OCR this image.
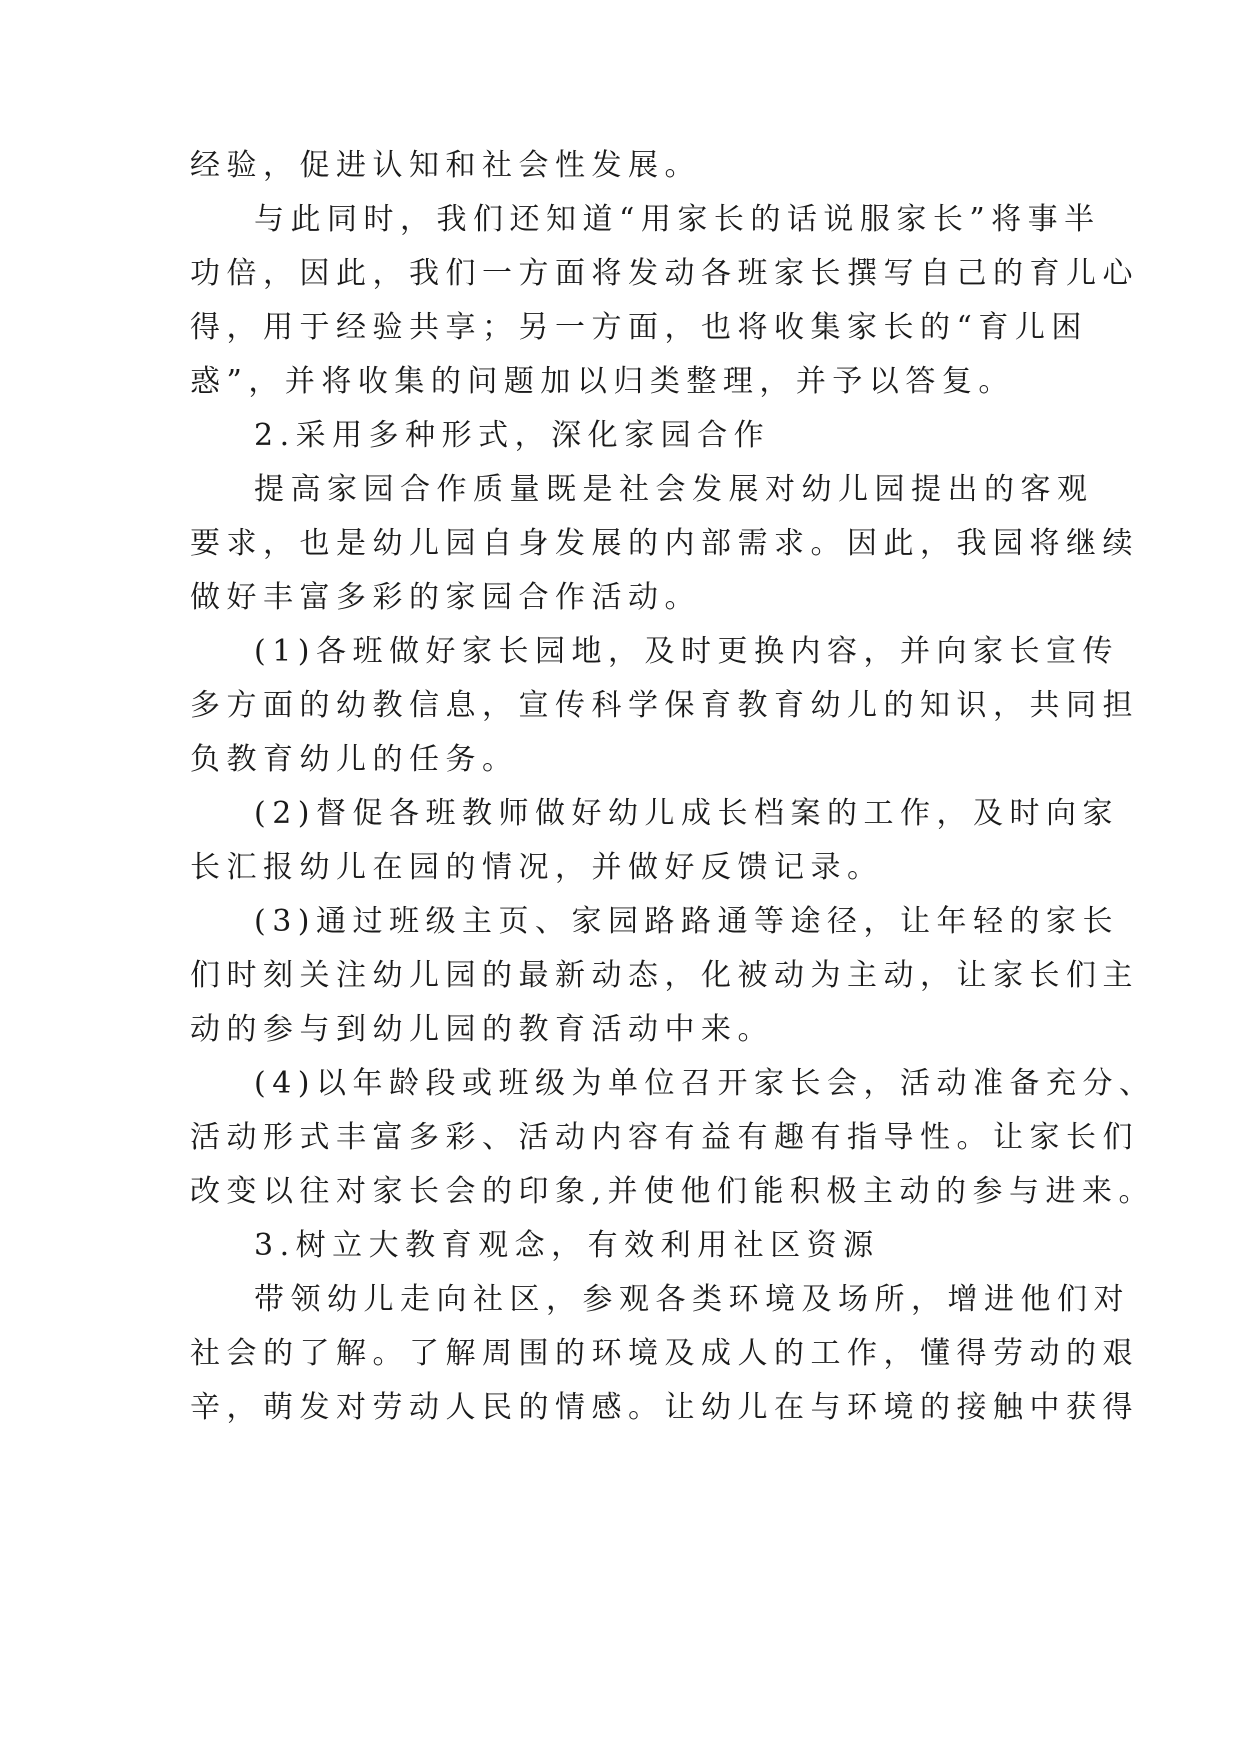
经验，促进认知和社会性发展。
与此同时，我们还知道“用家长的话说服家长”将事半
功倍，因此，我们一方面将发动各班家长撰写自己的育儿心
得，用于经验共享；另一方面，也将收集家长的“育儿困
惑”，并将收集的问题加以归类整理，并予以答复。
2.采用多种形式，深化家园合作
提高家园合作质量既是社会发展对幼儿园提出的客观
要求，也是幼儿园自身发展的内部需求。因此，我园将继续
做好丰富多彩的家园合作活动。
(1)各班做好家长园地，及时更换内容，并向家长宣传
多方面的幼教信息，宣传科学保育教育幼儿的知识，共同担
负教育幼儿的任务。
(2)督促各班教师做好幼儿成长档案的工作，及时向家
长汇报幼儿在园的情况，并做好反馈记录。
(3)通过班级主页、家园路路通等途径，让年轻的家长
们时刻关注幼儿园的最新动态，化被动为主动，让家长们主
动的参与到幼儿园的教育活动中来。
(4)以年龄段或班级为单位召开家长会，活动准备充分、
活动形式丰富多彩、活动内容有益有趣有指导性。让家长们
改变以往对家长会的印象,并使他们能积极主动的参与进来。
3.树立大教育观念，有效利用社区资源
带领幼儿走向社区，参观各类环境及场所，增进他们对
社会的了解。了解周围的环境及成人的工作，懂得劳动的艰
辛，萌发对劳动人民的情感。让幼儿在与环境的接触中获得
